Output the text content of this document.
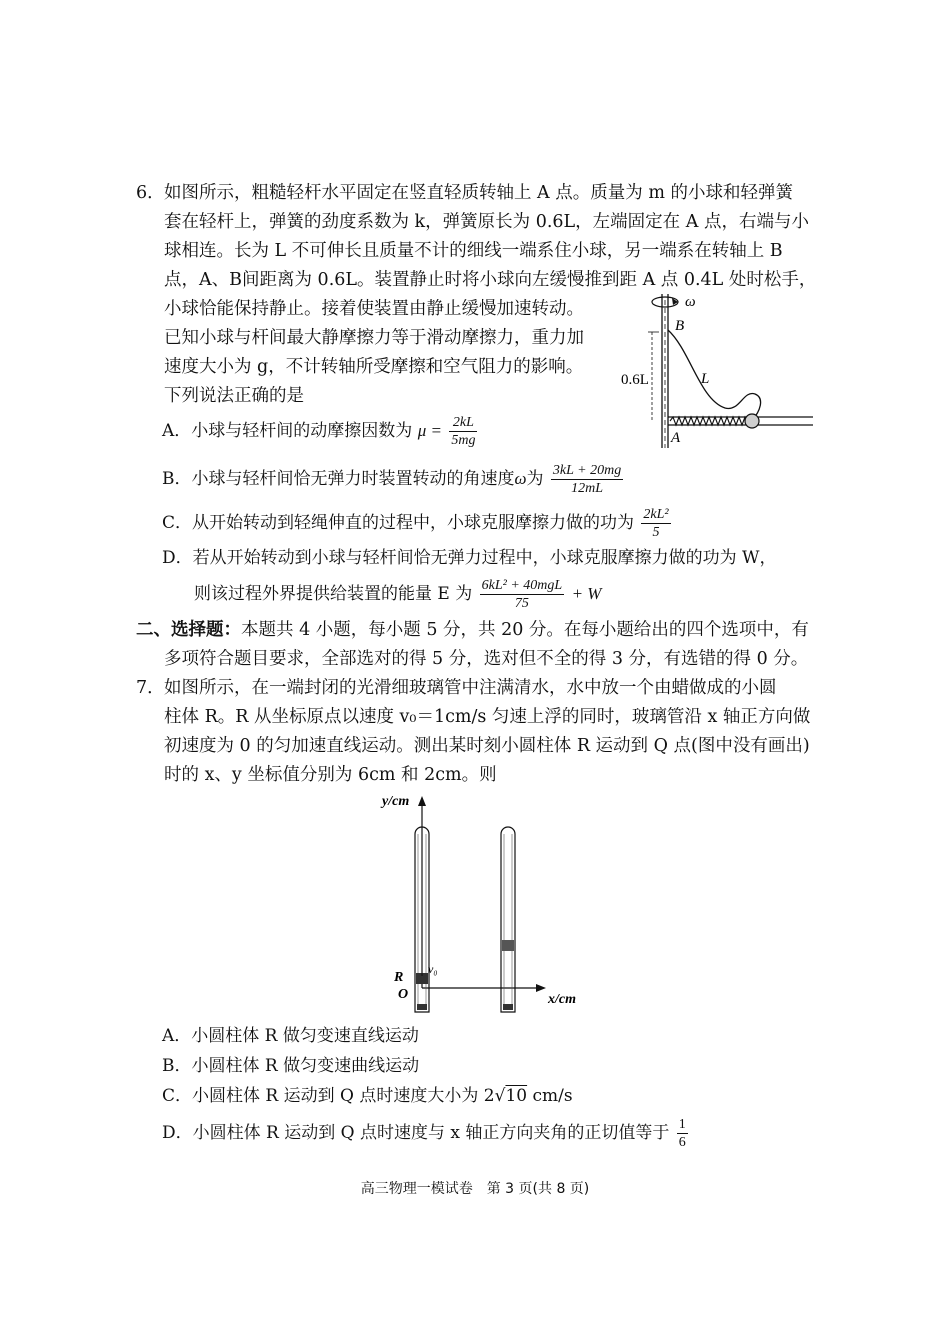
6． 如图所示，粗糙轻杆水平固定在竖直轻质转轴上 A 点。质量为 m 的小球和轻弹簧
套在轻杆上，弹簧的劲度系数为 k，弹簧原长为 0.6L，左端固定在 A 点，右端与小
球相连。长为 L 不可伸长且质量不计的细线一端系住小球，另一端系在转轴上 B
点，A、B间距离为 0.6L。装置静止时将小球向左缓慢推到距 A 点 0.4L 处时松手，
小球恰能保持静止。接着使装置由静止缓慢加速转动。
已知小球与杆间最大静摩擦力等于滑动摩擦力，重力加
速度大小为 g，不计转轴所受摩擦和空气阻力的影响。
下列说法正确的是
ω
B
0.6L	L
A
A．小球与轻杆间的动摩擦因数为 $\mu = \frac{2kL}{5mg}$
B．小球与轻杆间恰无弹力时装置转动的角速度ω为 $\frac{3kL + 20mg}{12mL}$
C．从开始转动到轻绳伸直的过程中，小球克服摩擦力做的功为 $\frac{\text{2kL²}}{5}$
D．若从开始转动到小球与轻杆间恰无弹力过程中，小球克服摩擦力做的功为 W，
则该过程外界提供给装置的能量 E 为 $\frac{\text{6kL² + 40mgL}}{75} + W$
二、选择题：本题共 4 小题，每小题 5 分，共 20 分。在每小题给出的四个选项中，有
多项符合题目要求，全部选对的得 5 分，选对但不全的得 3 分，有选错的得 0 分。
7． 如图所示，在一端封闭的光滑细玻璃管中注满清水，水中放一个由蜡做成的小圆
柱体 R。R 从坐标原点以速度 v₀＝1cm/s 匀速上浮的同时，玻璃管沿 x 轴正方向做
初速度为 0 的匀加速直线运动。测出某时刻小圆柱体 R 运动到 Q 点(图中没有画出)
时的 x、y 坐标值分别为 6cm 和 2cm。则
y/cm
x/cm
R
O
v₀
A．小圆柱体 R 做匀变速直线运动
B．小圆柱体 R 做匀变速曲线运动
C．小圆柱体 R 运动到 Q 点时速度大小为 2√10 cm/s
D．小圆柱体 R 运动到 Q 点时速度与 x 轴正方向夹角的正切值等于 $\frac{1}{6}$
高三物理一模试卷　第 3 页(共 8 页)
